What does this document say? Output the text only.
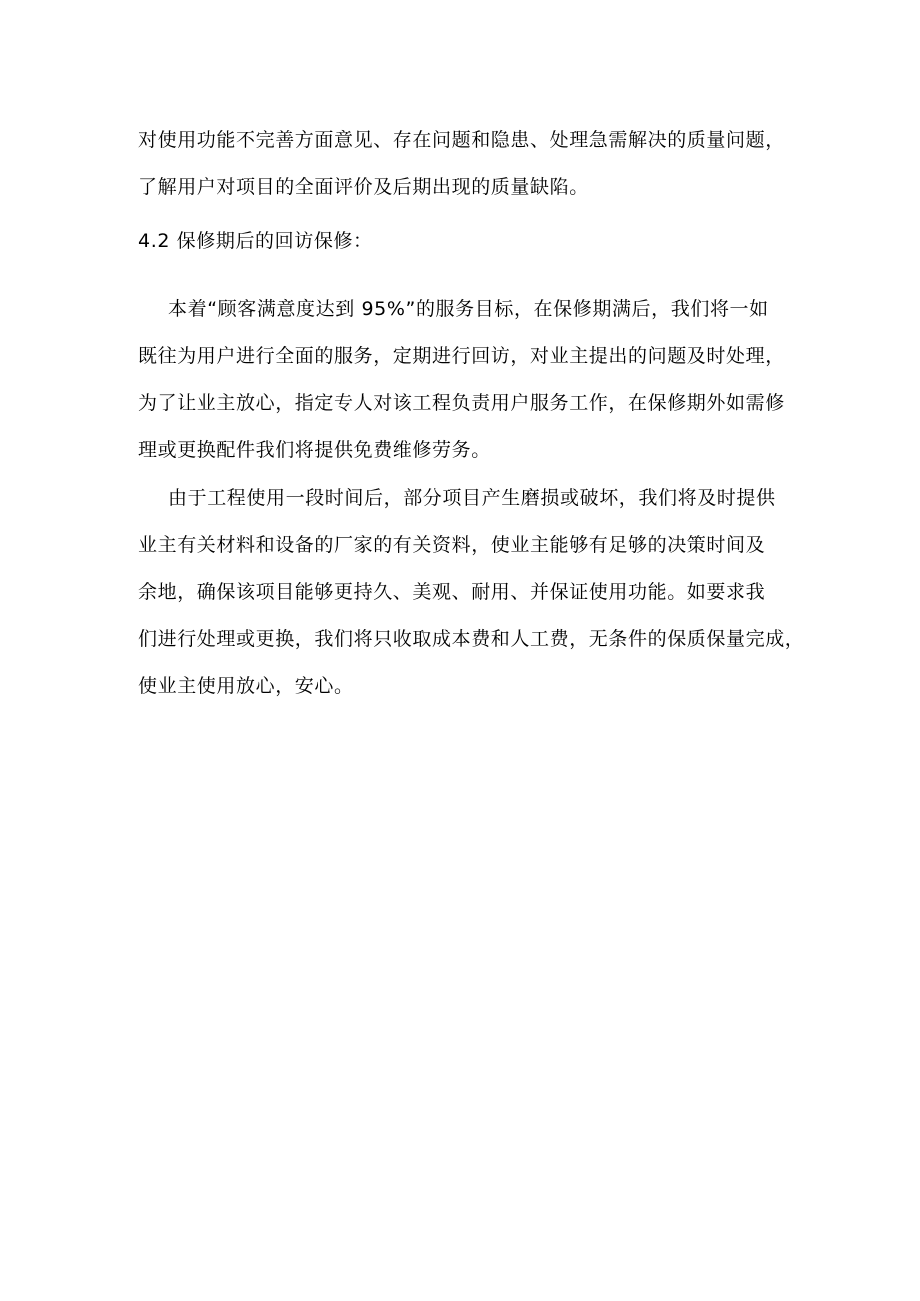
对使用功能不完善方面意见、存在问题和隐患、处理急需解决的质量问题，
了解用户对项目的全面评价及后期出现的质量缺陷。

4.2 保修期后的回访保修：

本着“顾客满意度达到 95%”的服务目标，在保修期满后，我们将一如
既往为用户进行全面的服务，定期进行回访，对业主提出的问题及时处理，
为了让业主放心，指定专人对该工程负责用户服务工作，在保修期外如需修
理或更换配件我们将提供免费维修劳务。

由于工程使用一段时间后，部分项目产生磨损或破坏，我们将及时提供
业主有关材料和设备的厂家的有关资料，使业主能够有足够的决策时间及
余地，确保该项目能够更持久、美观、耐用、并保证使用功能。如要求我
们进行处理或更换，我们将只收取成本费和人工费，无条件的保质保量完成，
使业主使用放心，安心。
